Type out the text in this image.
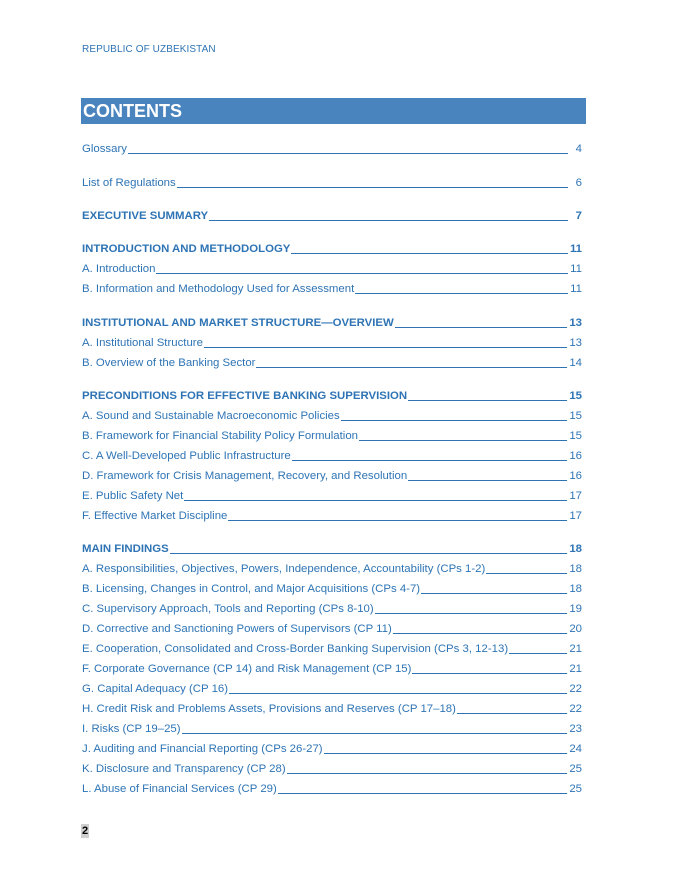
REPUBLIC OF UZBEKISTAN
CONTENTS
Glossary	4
List of Regulations	6
EXECUTIVE SUMMARY	7
INTRODUCTION AND METHODOLOGY	11
A. Introduction	11
B. Information and Methodology Used for Assessment	11
INSTITUTIONAL AND MARKET STRUCTURE—OVERVIEW	13
A. Institutional Structure	13
B. Overview of the Banking Sector	14
PRECONDITIONS FOR EFFECTIVE BANKING SUPERVISION	15
A. Sound and Sustainable Macroeconomic Policies	15
B. Framework for Financial Stability Policy Formulation	15
C. A Well-Developed Public Infrastructure	16
D. Framework for Crisis Management, Recovery, and Resolution	16
E. Public Safety Net	17
F. Effective Market Discipline	17
MAIN FINDINGS	18
A. Responsibilities, Objectives, Powers, Independence, Accountability (CPs 1-2)	18
B. Licensing, Changes in Control, and Major Acquisitions (CPs 4-7)	18
C. Supervisory Approach, Tools and Reporting (CPs 8-10)	19
D. Corrective and Sanctioning Powers of Supervisors (CP 11)	20
E. Cooperation, Consolidated and Cross-Border Banking Supervision (CPs 3, 12-13)	21
F. Corporate Governance (CP 14) and Risk Management (CP 15)	21
G. Capital Adequacy (CP 16)	22
H. Credit Risk and Problems Assets, Provisions and Reserves (CP 17–18)	22
I. Risks (CP 19–25)	23
J. Auditing and Financial Reporting (CPs 26-27)	24
K. Disclosure and Transparency (CP 28)	25
L. Abuse of Financial Services (CP 29)	25
2
